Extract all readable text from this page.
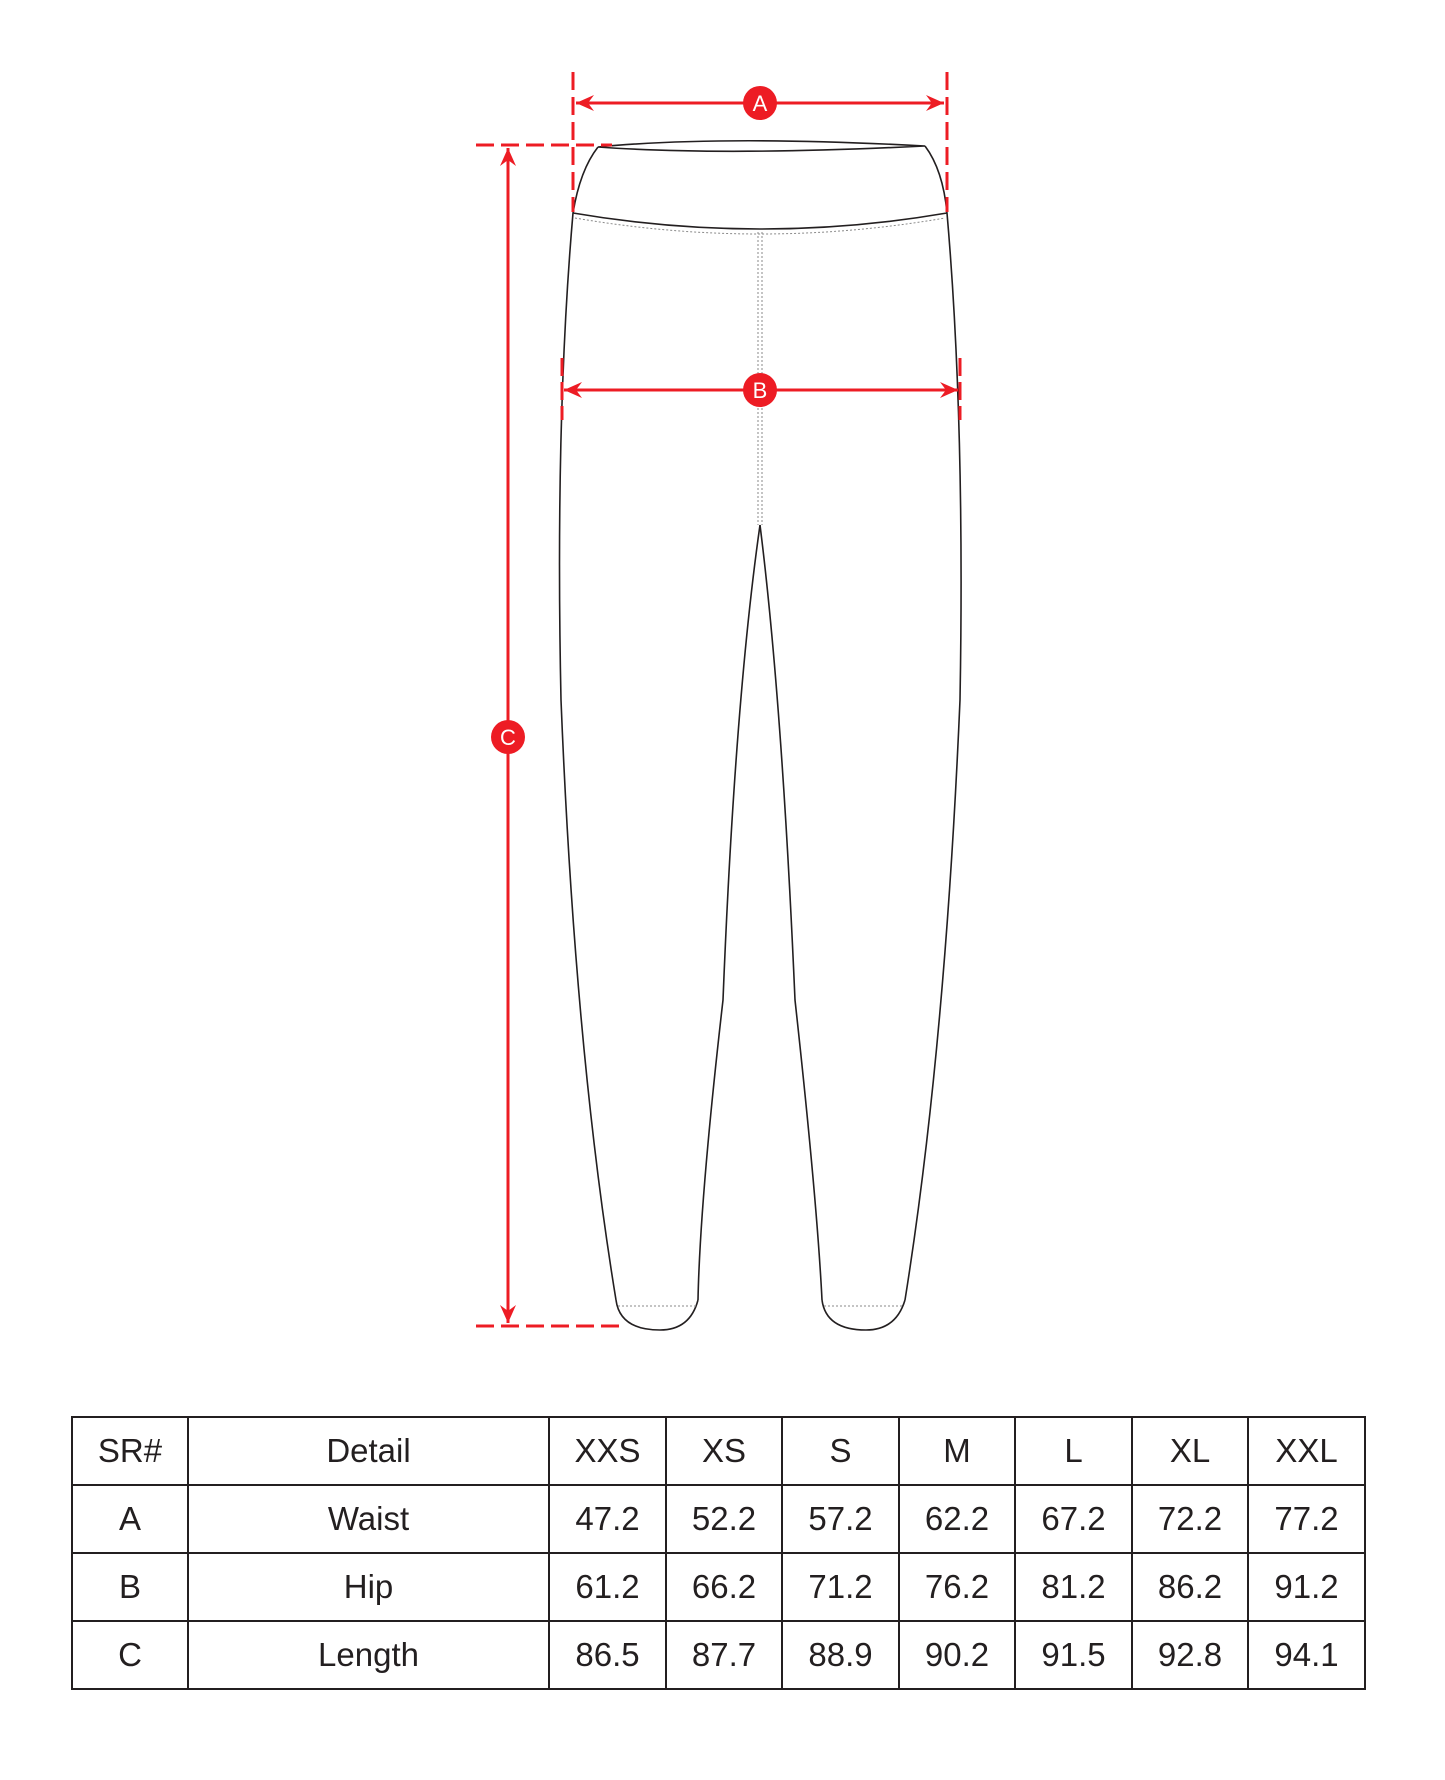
A
B
C
SR#	Detail	XXS	XS	S	M	L	XL	XXL
A	Waist	47.2	52.2	57.2	62.2	67.2	72.2	77.2
B	Hip	61.2	66.2	71.2	76.2	81.2	86.2	91.2
C	Length	86.5	87.7	88.9	90.2	91.5	92.8	94.1
